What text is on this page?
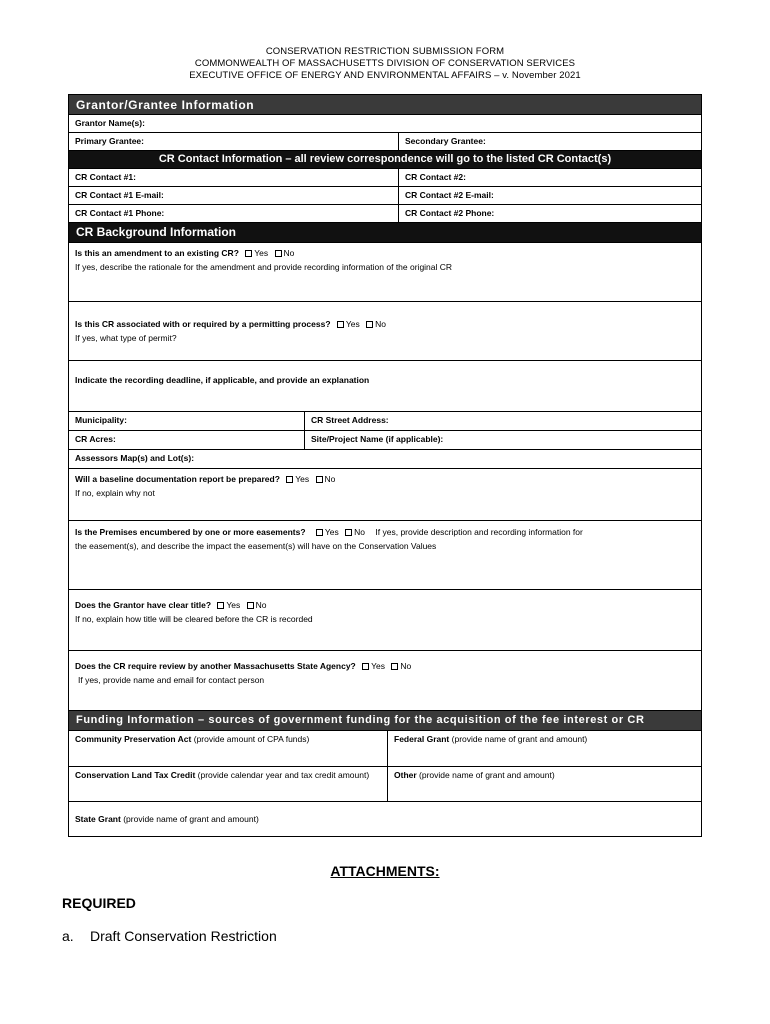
CONSERVATION RESTRICTION SUBMISSION FORM
COMMONWEALTH OF MASSACHUSETTS DIVISION OF CONSERVATION SERVICES
EXECUTIVE OFFICE OF ENERGY AND ENVIRONMENTAL AFFAIRS – v. November 2021
Grantor/Grantee Information
Grantor Name(s):
Primary Grantee:	Secondary Grantee:
CR Contact Information – all review correspondence will go to the listed CR Contact(s)
CR Contact #1:	CR Contact #2:
CR Contact #1 E-mail:	CR Contact #2 E-mail:
CR Contact #1 Phone:	CR Contact #2 Phone:
CR Background Information
Is this an amendment to an existing CR? Yes No
If yes, describe the rationale for the amendment and provide recording information of the original CR
Is this CR associated with or required by a permitting process? Yes No
If yes, what type of permit?
Indicate the recording deadline, if applicable, and provide an explanation
Municipality:	CR Street Address:
CR Acres:	Site/Project Name (if applicable):
Assessors Map(s) and Lot(s):
Will a baseline documentation report be prepared? Yes No
If no, explain why not
Is the Premises encumbered by one or more easements? Yes No If yes, provide description and recording information for
the easement(s), and describe the impact the easement(s) will have on the Conservation Values
Does the Grantor have clear title? Yes No
If no, explain how title will be cleared before the CR is recorded
Does the CR require review by another Massachusetts State Agency? Yes No
If yes, provide name and email for contact person
Funding Information – sources of government funding for the acquisition of the fee interest or CR
Community Preservation Act (provide amount of CPA funds)	Federal Grant (provide name of grant and amount)
Conservation Land Tax Credit (provide calendar year and tax credit amount)	Other (provide name of grant and amount)
State Grant (provide name of grant and amount)
ATTACHMENTS:
REQUIRED
a. Draft Conservation Restriction
